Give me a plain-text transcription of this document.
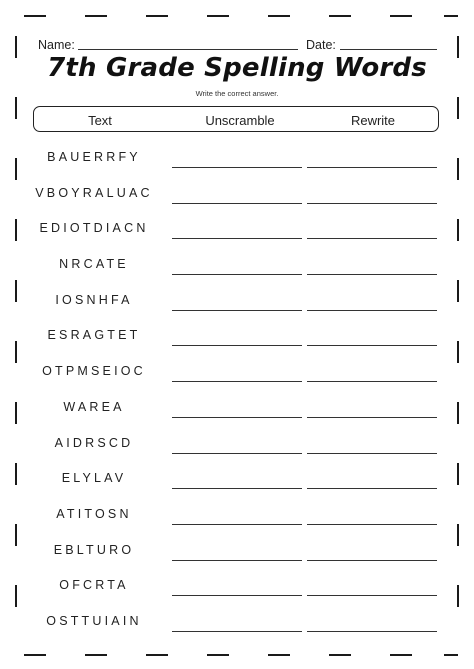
Name:	Date:
7th Grade Spelling Words
Write the correct answer.
Text	Unscramble	Rewrite
BAUERRFY
VBOYRALUAC
EDIOTDIACN
NRCATE
IOSNHFA
ESRAGTET
OTPMSEIOC
WAREA
AIDRSCD
ELYLAV
ATITOSN
EBLTURO
OFCRTA
OSTTUIAIN
